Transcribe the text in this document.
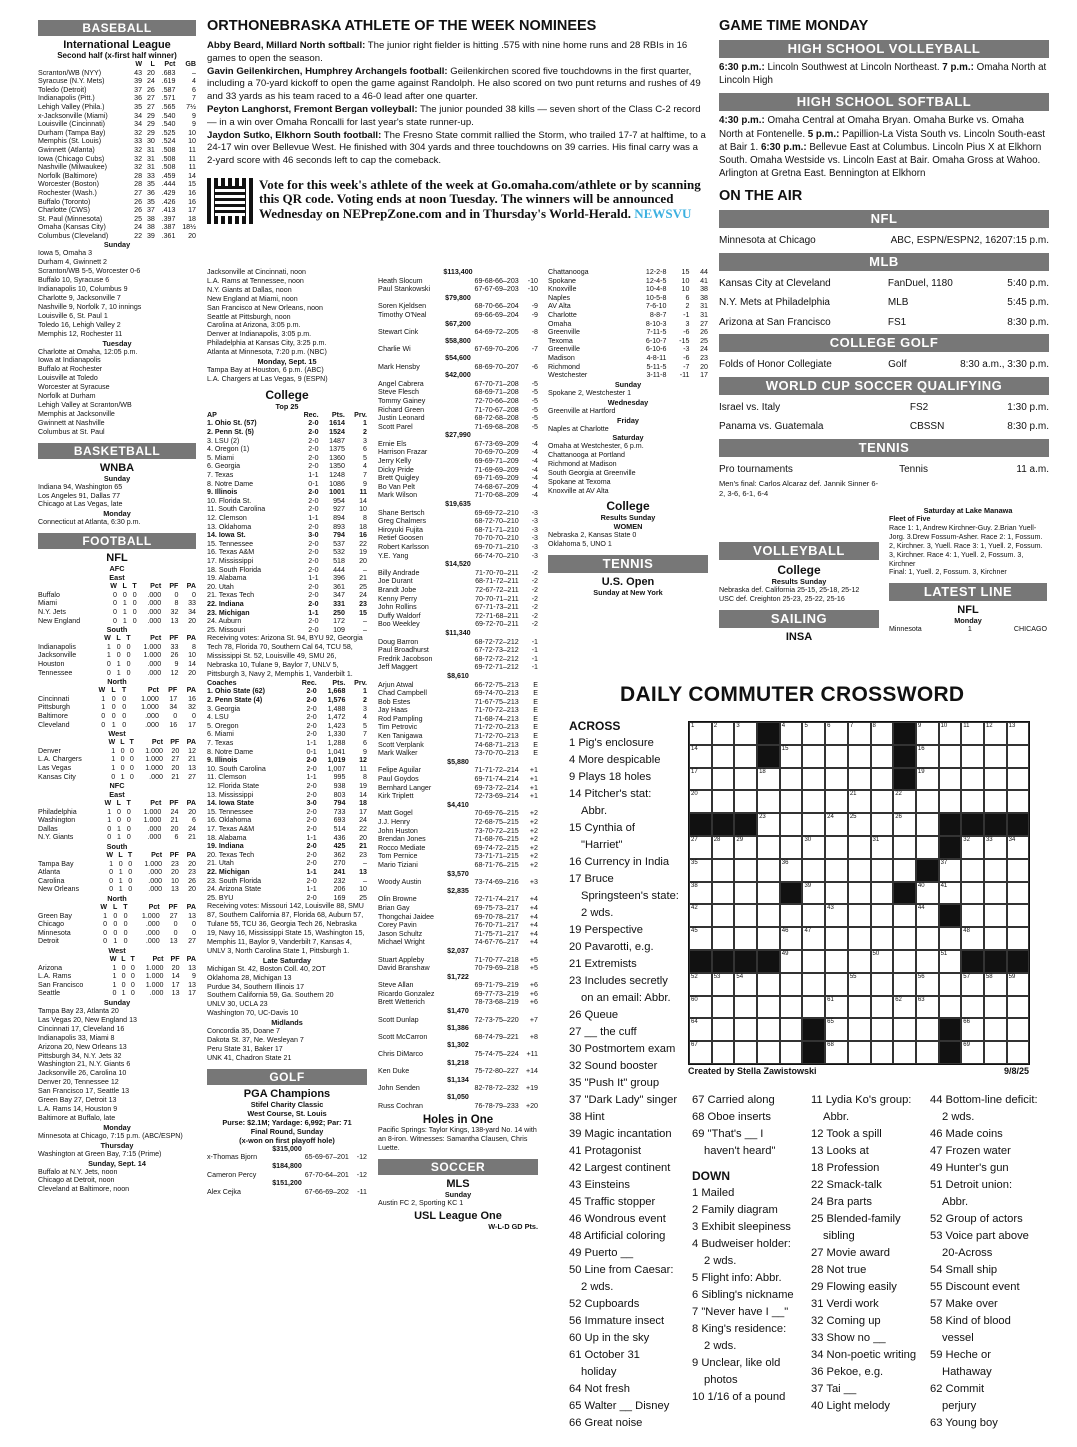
BASEBALL
International League
Second half (x-first half winner)
	W	L	Pct	GB
Scranton/WB (NYY)	43	20	.683	–
Syracuse (N.Y. Mets)	39	24	.619	4
Toledo (Detroit)	37	26	.587	6
Indianapolis (Pitt.)	36	27	.571	7
Lehigh Valley (Phila.)	35	27	.565	7½
x-Jacksonville (Miami)	34	29	.540	9
Louisville (Cincinnati)	34	29	.540	9
Durham (Tampa Bay)	32	29	.525	10
Memphis (St. Louis)	33	30	.524	10
Gwinnett (Atlanta)	32	31	.508	11
Iowa (Chicago Cubs)	32	31	.508	11
Nashville (Milwaukee)	32	31	.508	11
Norfolk (Baltimore)	28	33	.459	14
Worcester (Boston)	28	35	.444	15
Rochester (Wash.)	27	36	.429	16
Buffalo (Toronto)	26	35	.426	16
Charlotte (CWS)	26	37	.413	17
St. Paul (Minnesota)	25	38	.397	18
Omaha (Kansas City)	24	38	.387	18½
Columbus (Cleveland)	22	39	.361	20
Sunday
Iowa 5, Omaha 3
Durham 4, Gwinnett 2
Scranton/WB 5-5, Worcester 0-6
Buffalo 10, Syracuse 6
Indianapolis 10, Columbus 9
Charlotte 9, Jacksonville 7
Nashville 9, Norfolk 7, 10 innings
Louisville 6, St. Paul 1
Toledo 16, Lehigh Valley 2
Memphis 12, Rochester 11
Tuesday
Charlotte at Omaha, 12:05 p.m.
Iowa at Indianapolis
Buffalo at Rochester
Louisville at Toledo
Worcester at Syracuse
Norfolk at Durham
Lehigh Valley at Scranton/WB
Memphis at Jacksonville
Gwinnett at Nashville
Columbus at St. Paul
BASKETBALL
WNBA
Sunday
Indiana 94, Washington 65
Los Angeles 91, Dallas 77
Chicago at Las Vegas, late
Monday
Connecticut at Atlanta, 6:30 p.m.
FOOTBALL
NFL
AFC
East
	W	L	T	Pct	PF	PA
Buffalo	0	0	0	.000	0	0
Miami	0	1	0	.000	8	33
N.Y. Jets	0	1	0	.000	32	34
New England	0	1	0	.000	13	20
South
	W	L	T	Pct	PF	PA
Indianapolis	1	0	0	1.000	33	8
Jacksonville	1	0	0	1.000	26	10
Houston	0	1	0	.000	9	14
Tennessee	0	1	0	.000	12	20
North
	W	L	T	Pct	PF	PA
Cincinnati	1	0	0	1.000	17	16
Pittsburgh	1	0	0	1.000	34	32
Baltimore	0	0	0	.000	0	0
Cleveland	0	1	0	.000	16	17
West
	W	L	T	Pct	PF	PA
Denver	1	0	0	1.000	20	12
L.A. Chargers	1	0	0	1.000	27	21
Las Vegas	1	0	0	1.000	20	13
Kansas City	0	1	0	.000	21	27
NFC
East
	W	L	T	Pct	PF	PA
Philadelphia	1	0	0	1.000	24	20
Washington	1	0	0	1.000	21	6
Dallas	0	1	0	.000	20	24
N.Y. Giants	0	1	0	.000	6	21
South
	W	L	T	Pct	PF	PA
Tampa Bay	1	0	0	1.000	23	20
Atlanta	0	1	0	.000	20	23
Carolina	0	1	0	.000	10	26
New Orleans	0	1	0	.000	13	20
North
	W	L	T	Pct	PF	PA
Green Bay	1	0	0	1.000	27	13
Chicago	0	0	0	.000	0	0
Minnesota	0	0	0	.000	0	0
Detroit	0	1	0	.000	13	27
West
	W	L	T	Pct	PF	PA
Arizona	1	0	0	1.000	20	13
L.A. Rams	1	0	0	1.000	14	9
San Francisco	1	0	0	1.000	17	13
Seattle	0	1	0	.000	13	17
Sunday
Tampa Bay 23, Atlanta 20
Las Vegas 20, New England 13
Cincinnati 17, Cleveland 16
Indianapolis 33, Miami 8
Arizona 20, New Orleans 13
Pittsburgh 34, N.Y. Jets 32
Washington 21, N.Y. Giants 6
Jacksonville 26, Carolina 10
Denver 20, Tennessee 12
San Francisco 17, Seattle 13
Green Bay 27, Detroit 13
L.A. Rams 14, Houston 9
Baltimore at Buffalo, late
Monday
Minnesota at Chicago, 7:15 p.m. (ABC/ESPN)
Thursday
Washington at Green Bay, 7:15 (Prime)
Sunday, Sept. 14
Buffalo at N.Y. Jets, noon
Chicago at Detroit, noon
Cleveland at Baltimore, noon
ORTHONEBRASKA ATHLETE OF THE WEEK NOMINEES

Abby Beard, Millard North softball: The junior right fielder is hitting .575 with nine home runs and 28 RBIs in 16 games to open the season.

Gavin Geilenkirchen, Humphrey Archangels football: Geilenkirchen scored five touchdowns in the first quarter, including a 70-yard kickoff to open the game against Randolph. He also scored on two punt returns and rushes of 49 and 33 yards as his team raced to a 46-0 lead after one quarter.

Peyton Langhorst, Fremont Bergan volleyball: The junior pounded 38 kills — seven short of the Class C-2 record — in a win over Omaha Roncalli for last year's state runner-up.

Jaydon Sutko, Elkhorn South football: The Fresno State commit rallied the Storm, who trailed 17-7 at halftime, to a 24-17 win over Bellevue West. He finished with 304 yards and three touchdowns on 39 carries. His final carry was a 2-yard score with 46 seconds left to cap the comeback.

Vote for this week's athlete of the week at Go.omaha.com/athlete or by scanning this QR code. Voting ends at noon Tuesday. The winners will be announced Wednesday on NEPrepZone.com and in Thursday's World-Herald. NEWSVU
Jacksonville at Cincinnati, noon
L.A. Rams at Tennessee, noon
N.Y. Giants at Dallas, noon
New England at Miami, noon
San Francisco at New Orleans, noon
Seattle at Pittsburgh, noon
Carolina at Arizona, 3:05 p.m.
Denver at Indianapolis, 3:05 p.m.
Philadelphia at Kansas City, 3:25 p.m.
Atlanta at Minnesota, 7:20 p.m. (NBC)
Monday, Sept. 15
Tampa Bay at Houston, 6 p.m. (ABC)
L.A. Chargers at Las Vegas, 9 (ESPN)
College
Top 25
AP	Rec.	Pts.	Prv.
1. Ohio St. (57)	2-0	1614	1
2. Penn St. (5)	2-0	1524	2
3. LSU (2)	2-0	1487	3
4. Oregon (1)	2-0	1375	6
5. Miami	2-0	1360	5
6. Georgia	2-0	1350	4
7. Texas	1-1	1248	7
8. Notre Dame	0-1	1086	9
9. Illinois	2-0	1001	11
10. Florida St.	2-0	954	14
11. South Carolina	2-0	927	10
12. Clemson	1-1	894	8
13. Oklahoma	2-0	893	18
14. Iowa St.	3-0	794	16
15. Tennessee	2-0	537	22
16. Texas A&M	2-0	532	19
17. Mississippi	2-0	518	20
18. South Florida	2-0	444	–
19. Alabama	1-1	396	21
20. Utah	2-0	361	25
21. Texas Tech	2-0	347	24
22. Indiana	2-0	331	23
23. Michigan	1-1	250	15
24. Auburn	2-0	172	–
25. Missouri	2-0	109	–
Receiving votes: Arizona St. 94, BYU 92, Georgia Tech 78, Florida 70, Southern Cal 64, TCU 58, Mississippi St. 52, Louisville 49, SMU 26, Nebraska 10, Tulane 9, Baylor 7, UNLV 5, Pittsburgh 3, Navy 2, Memphis 1, Vanderbilt 1.
Coaches	Rec.	Pts.	Prv.
1. Ohio State (62)	2-0	1,668	1
2. Penn State (4)	2-0	1,576	2
3. Georgia	2-0	1,488	3
4. LSU	2-0	1,472	4
5. Oregon	2-0	1,423	5
6. Miami	2-0	1,330	7
7. Texas	1-1	1,288	6
8. Notre Dame	0-1	1,041	9
9. Illinois	2-0	1,019	12
10. South Carolina	2-0	1,007	11
11. Clemson	1-1	995	8
12. Florida State	2-0	938	19
13. Mississippi	2-0	803	14
14. Iowa State	3-0	794	18
15. Tennessee	2-0	733	17
16. Oklahoma	2-0	693	24
17. Texas A&M	2-0	514	22
18. Alabama	1-1	436	20
19. Indiana	2-0	425	21
20. Texas Tech	2-0	362	23
21. Utah	2-0	270	–
22. Michigan	1-1	241	13
23. South Florida	2-0	232	–
24. Arizona State	1-1	206	10
25. BYU	2-0	169	25
Receiving votes: Missouri 142, Louisville 88, SMU 87, Southern California 87, Florida 68, Auburn 57, Tulane 55, TCU 36, Georgia Tech 26, Nebraska 19, Navy 16, Mississippi State 15, Washington 15, Memphis 11, Baylor 9, Vanderbilt 7, Kansas 4, UNLV 3, North Carolina State 1, Pittsburgh 1.
Late Saturday
Michigan St. 42, Boston Coll. 40, 2OT
Oklahoma 28, Michigan 13
Purdue 34, Southern Illinois 17
Southern California 59, Ga. Southern 20
UNLV 30, UCLA 23
Washington 70, UC-Davis 10
Midlands
Concordia 35, Doane 7
Dakota St. 37, Ne. Wesleyan 7
Peru State 31, Baker 17
UNK 41, Chadron State 21
GOLF
PGA Champions
Stifel Charity Classic
West Course, St. Louis
Purse: $2.1M; Yardage: 6,992; Par: 71
Final Round, Sunday
(x-won on first playoff hole)
$315,000		
x-Thomas Bjorn	65-69-67–201	-12
$184,800		
Cameron Percy	67-70-64–201	-12
$151,200		
Alex Cejka	67-66-69–202	-11
$113,400		
Heath Slocum	69-68-66–203	-10
Paul Stankowski	67-67-69–203	-10
$79,800		
Soren Kjeldsen	68-70-66–204	-9
Timothy O'Neal	69-66-69–204	-9
$67,200		
Stewart Cink	64-69-72–205	-8
$58,800		
Charlie Wi	67-69-70–206	-7
$54,600		
Mark Hensby	68-69-70–207	-6
$42,000		
Angel Cabrera	67-70-71–208	-5
Steve Flesch	68-69-71–208	-5
Tommy Gainey	72-70-66–208	-5
Richard Green	71-70-67–208	-5
Justin Leonard	68-72-68–208	-5
Scott Parel	71-69-68–208	-5
$27,990		
Ernie Els	67-73-69–209	-4
Harrison Frazar	70-69-70–209	-4
Jerry Kelly	69-69-71–209	-4
Dicky Pride	71-69-69–209	-4
Brett Quigley	69-71-69–209	-4
Bo Van Pelt	74-68-67–209	-4
Mark Wilson	71-70-68–209	-4
$19,635		
Shane Bertsch	69-69-72–210	-3
Greg Chalmers	68-72-70–210	-3
Hiroyuki Fujita	68-71-71–210	-3
Retief Goosen	70-70-70–210	-3
Robert Karlsson	69-70-71–210	-3
Y.E. Yang	66-74-70–210	-3
$14,520		
Billy Andrade	71-70-70–211	-2
Joe Durant	68-71-72–211	-2
Brandt Jobe	72-67-72–211	-2
Kenny Perry	70-70-71–211	-2
John Rollins	67-71-73–211	-2
Duffy Waldorf	72-71-68–211	-2
Boo Weekley	69-72-70–211	-2
$11,340		
Doug Barron	68-72-72–212	-1
Paul Broadhurst	67-72-73–212	-1
Fredrik Jacobson	68-72-72–212	-1
Jeff Maggert	69-72-71–212	-1
$8,610		
Arjun Atwal	66-72-75–213	E
Chad Campbell	69-74-70–213	E
Bob Estes	71-67-75–213	E
Jay Haas	71-70-72–213	E
Rod Pampling	71-68-74–213	E
Tim Petrovic	71-72-70–213	E
Ken Tanigawa	71-72-70–213	E
Scott Verplank	74-68-71–213	E
Mark Walker	73-70-70–213	E
$5,880		
Felipe Aguilar	71-71-72–214	+1
Paul Goydos	69-71-74–214	+1
Bernhard Langer	69-73-72–214	+1
Kirk Triplett	72-73-69–214	+1
$4,410		
Matt Gogel	70-69-76–215	+2
J.J. Henry	72-68-75–215	+2
John Huston	73-70-72–215	+2
Brendan Jones	71-68-76–215	+2
Rocco Mediate	69-74-72–215	+2
Tom Pernice	73-71-71–215	+2
Mario Tiziani	68-71-76–215	+2
$3,570		
Woody Austin	73-74-69–216	+3
$2,835		
Olin Browne	72-71-74–217	+4
Brian Gay	69-75-73–217	+4
Thongchai Jaidee	69-70-78–217	+4
Corey Pavin	76-70-71–217	+4
Jason Schultz	71-75-71–217	+4
Michael Wright	74-67-76–217	+4
$2,037		
Stuart Appleby	71-70-77–218	+5
David Branshaw	70-79-69–218	+5
$1,722		
Steve Allan	69-71-79–219	+6
Ricardo Gonzalez	69-77-73–219	+6
Brett Wetterich	78-73-68–219	+6
$1,470		
Scott Dunlap	72-73-75–220	+7
$1,386		
Scott McCarron	68-74-79–221	+8
$1,302		
Chris DiMarco	75-74-75–224	+11
$1,218		
Ken Duke	75-72-80–227	+14
$1,134		
John Senden	82-78-72–232	+19
$1,050		
Russ Cochran	76-78-79–233	+20
Holes in One
Pacific Springs: Taylor Kings, 138-yard No. 14 with an 8-iron. Witnesses: Samantha Clausen, Chris Luette.
SOCCER
MLS
Sunday
Austin FC 2, Sporting KC 1
USL League One
W-L-D GD Pts.
Chattanooga	12-2-8	15	44
Spokane	12-4-5	10	41
Knoxville	10-4-8	10	38
Naples	10-5-8	6	38
AV Alta	7-6-10	2	31
Charlotte	8-8-7	-1	31
Omaha	8-10-3	3	27
Greenville	7-11-5	-6	26
Texoma	6-10-7	-15	25
Greenville	6-10-6	-3	24
Madison	4-8-11	-6	23
Richmond	5-11-5	-7	20
Westchester	3-11-8	-11	17
Sunday
Spokane 2, Westchester 1
Wednesday
Greenville at Hartford
Friday
Naples at Charlotte
Saturday
Omaha at Westchester, 6 p.m.
Chattanooga at Portland
Richmond at Madison
South Georgia at Greenville
Spokane at Texoma
Knoxville at AV Alta
College
Results Sunday
WOMEN
Nebraska 2, Kansas State 0
Oklahoma 5, UNO 1
TENNIS
U.S. Open
Sunday at New York
GAME TIME MONDAY
HIGH SCHOOL VOLLEYBALL

6:30 p.m.: Lincoln Southwest at Lincoln Northeast. 7 p.m.: Omaha North at Lincoln High

HIGH SCHOOL SOFTBALL

4:30 p.m.: Omaha Central at Omaha Bryan. Omaha Burke vs. Omaha North at Fontenelle. 5 p.m.: Papillion-La Vista South vs. Lincoln South-east at Bair 1. 6:30 p.m.: Bellevue East at Columbus. Lincoln Pius X at Elkhorn South. Omaha Westside vs. Lincoln East at Bair. Omaha Gross at Wahoo. Arlington at Gretna East. Bennington at Elkhorn

ON THE AIR
NFL
Minnesota at Chicago	ABC, ESPN/ESPN2, 16207:15 p.m.
MLB
Kansas City at Cleveland	FanDuel, 1180	5:40 p.m.
N.Y. Mets at Philadelphia	MLB	5:45 p.m.
Arizona at San Francisco	FS1	8:30 p.m.
COLLEGE GOLF
Folds of Honor Collegiate	Golf	8:30 a.m., 3:30 p.m.
WORLD CUP SOCCER QUALIFYING
Israel vs. Italy	FS2	1:30 p.m.
Panama vs. Guatemala	CBSSN	8:30 p.m.
TENNIS
Pro tournaments	Tennis	11 a.m.
Men's final: Carlos Alcaraz def. Jannik Sinner 6-2, 3-6, 6-1, 6-4
VOLLEYBALL
College
Results Sunday
Nebraska def. California 25-15, 25-18, 25-12
USC def. Creighton 25-23, 25-22, 25-16
SAILING
INSA
Saturday at Lake Manawa
Fleet of Five
Race 1: 1, Andrew Kirchner-Guy. 2.Brian Yuell-Jorg. 3.Drew Fossum-Asher. Race 2: 1, Fossum. 2, Kirchner. 3, Yuell. Race 3: 1, Yuell. 2, Fossum. 3, Kirchner. Race 4: 1, Yuell. 2, Fossum. 3, Kirchner
Final: 1, Yuell. 2, Fossum. 3, Kirchner
LATEST LINE
NFL
Monday
Minnesota	1	CHICAGO
DAILY COMMUTER CROSSWORD
ACROSS

1 Pig's enclosure

4 More despicable

9 Plays 18 holes

14 Pitcher's stat:

Abbr.

15 Cynthia of

"Harriet"

16 Currency in India

17 Bruce

Springsteen's state:

2 wds.

19 Perspective

20 Pavarotti, e.g.

21 Extremists

23 Includes secretly

on an email: Abbr.

26 Queue

27 __ the cuff

30 Postmortem exam

32 Sound booster

35 "Push It" group

37 "Dark Lady" singer

38 Hint

39 Magic incantation

41 Protagonist

42 Largest continent

43 Einsteins

45 Traffic stopper

46 Wondrous event

48 Artificial coloring

49 Puerto __

50 Line from Caesar:

2 wds.

52 Cupboards

56 Immature insect

60 Up in the sky

61 October 31

holiday

64 Not fresh

65 Walter __ Disney

66 Great noise

1	2	3	4	5	6	7	8	9	10	11	12	13
14	15	16
17	18	19
20	21	22
23	24	25	26
27	28	29	30	31	32	33	34
35	36	37
38	39	40	41
42	43	44
45	46	47	48
49	50	51
52	53	54	55	56	57	58	59
60	61	62	63
64	65	66
67	68	69
Created by Stella Zawistowski	9/8/25

67 Carried along

68 Oboe inserts

69 "That's __ I

haven't heard"

DOWN

1 Mailed

2 Family diagram

3 Exhibit sleepiness

4 Budweiser holder:

2 wds.

5 Flight info: Abbr.

6 Sibling's nickname

7 "Never have I __"

8 King's residence:

2 wds.

9 Unclear, like old

photos

10 1/16 of a pound

11 Lydia Ko's group:

Abbr.

12 Took a spill

13 Looks at

18 Profession

22 Smack-talk

24 Bra parts

25 Blended-family

sibling

27 Movie award

28 Not true

29 Flowing easily

31 Verdi work

32 Coming up

33 Show no __

34 Non-poetic writing

36 Pekoe, e.g.

37 Tai __

40 Light melody

44 Bottom-line deficit:

2 wds.

46 Made coins

47 Frozen water

49 Hunter's gun

51 Detroit union:

Abbr.

52 Group of actors

53 Voice part above

20-Across

54 Small ship

55 Discount event

57 Make over

58 Kind of blood

vessel

59 Heche or

Hathaway

62 Commit

perjury

63 Young boy
